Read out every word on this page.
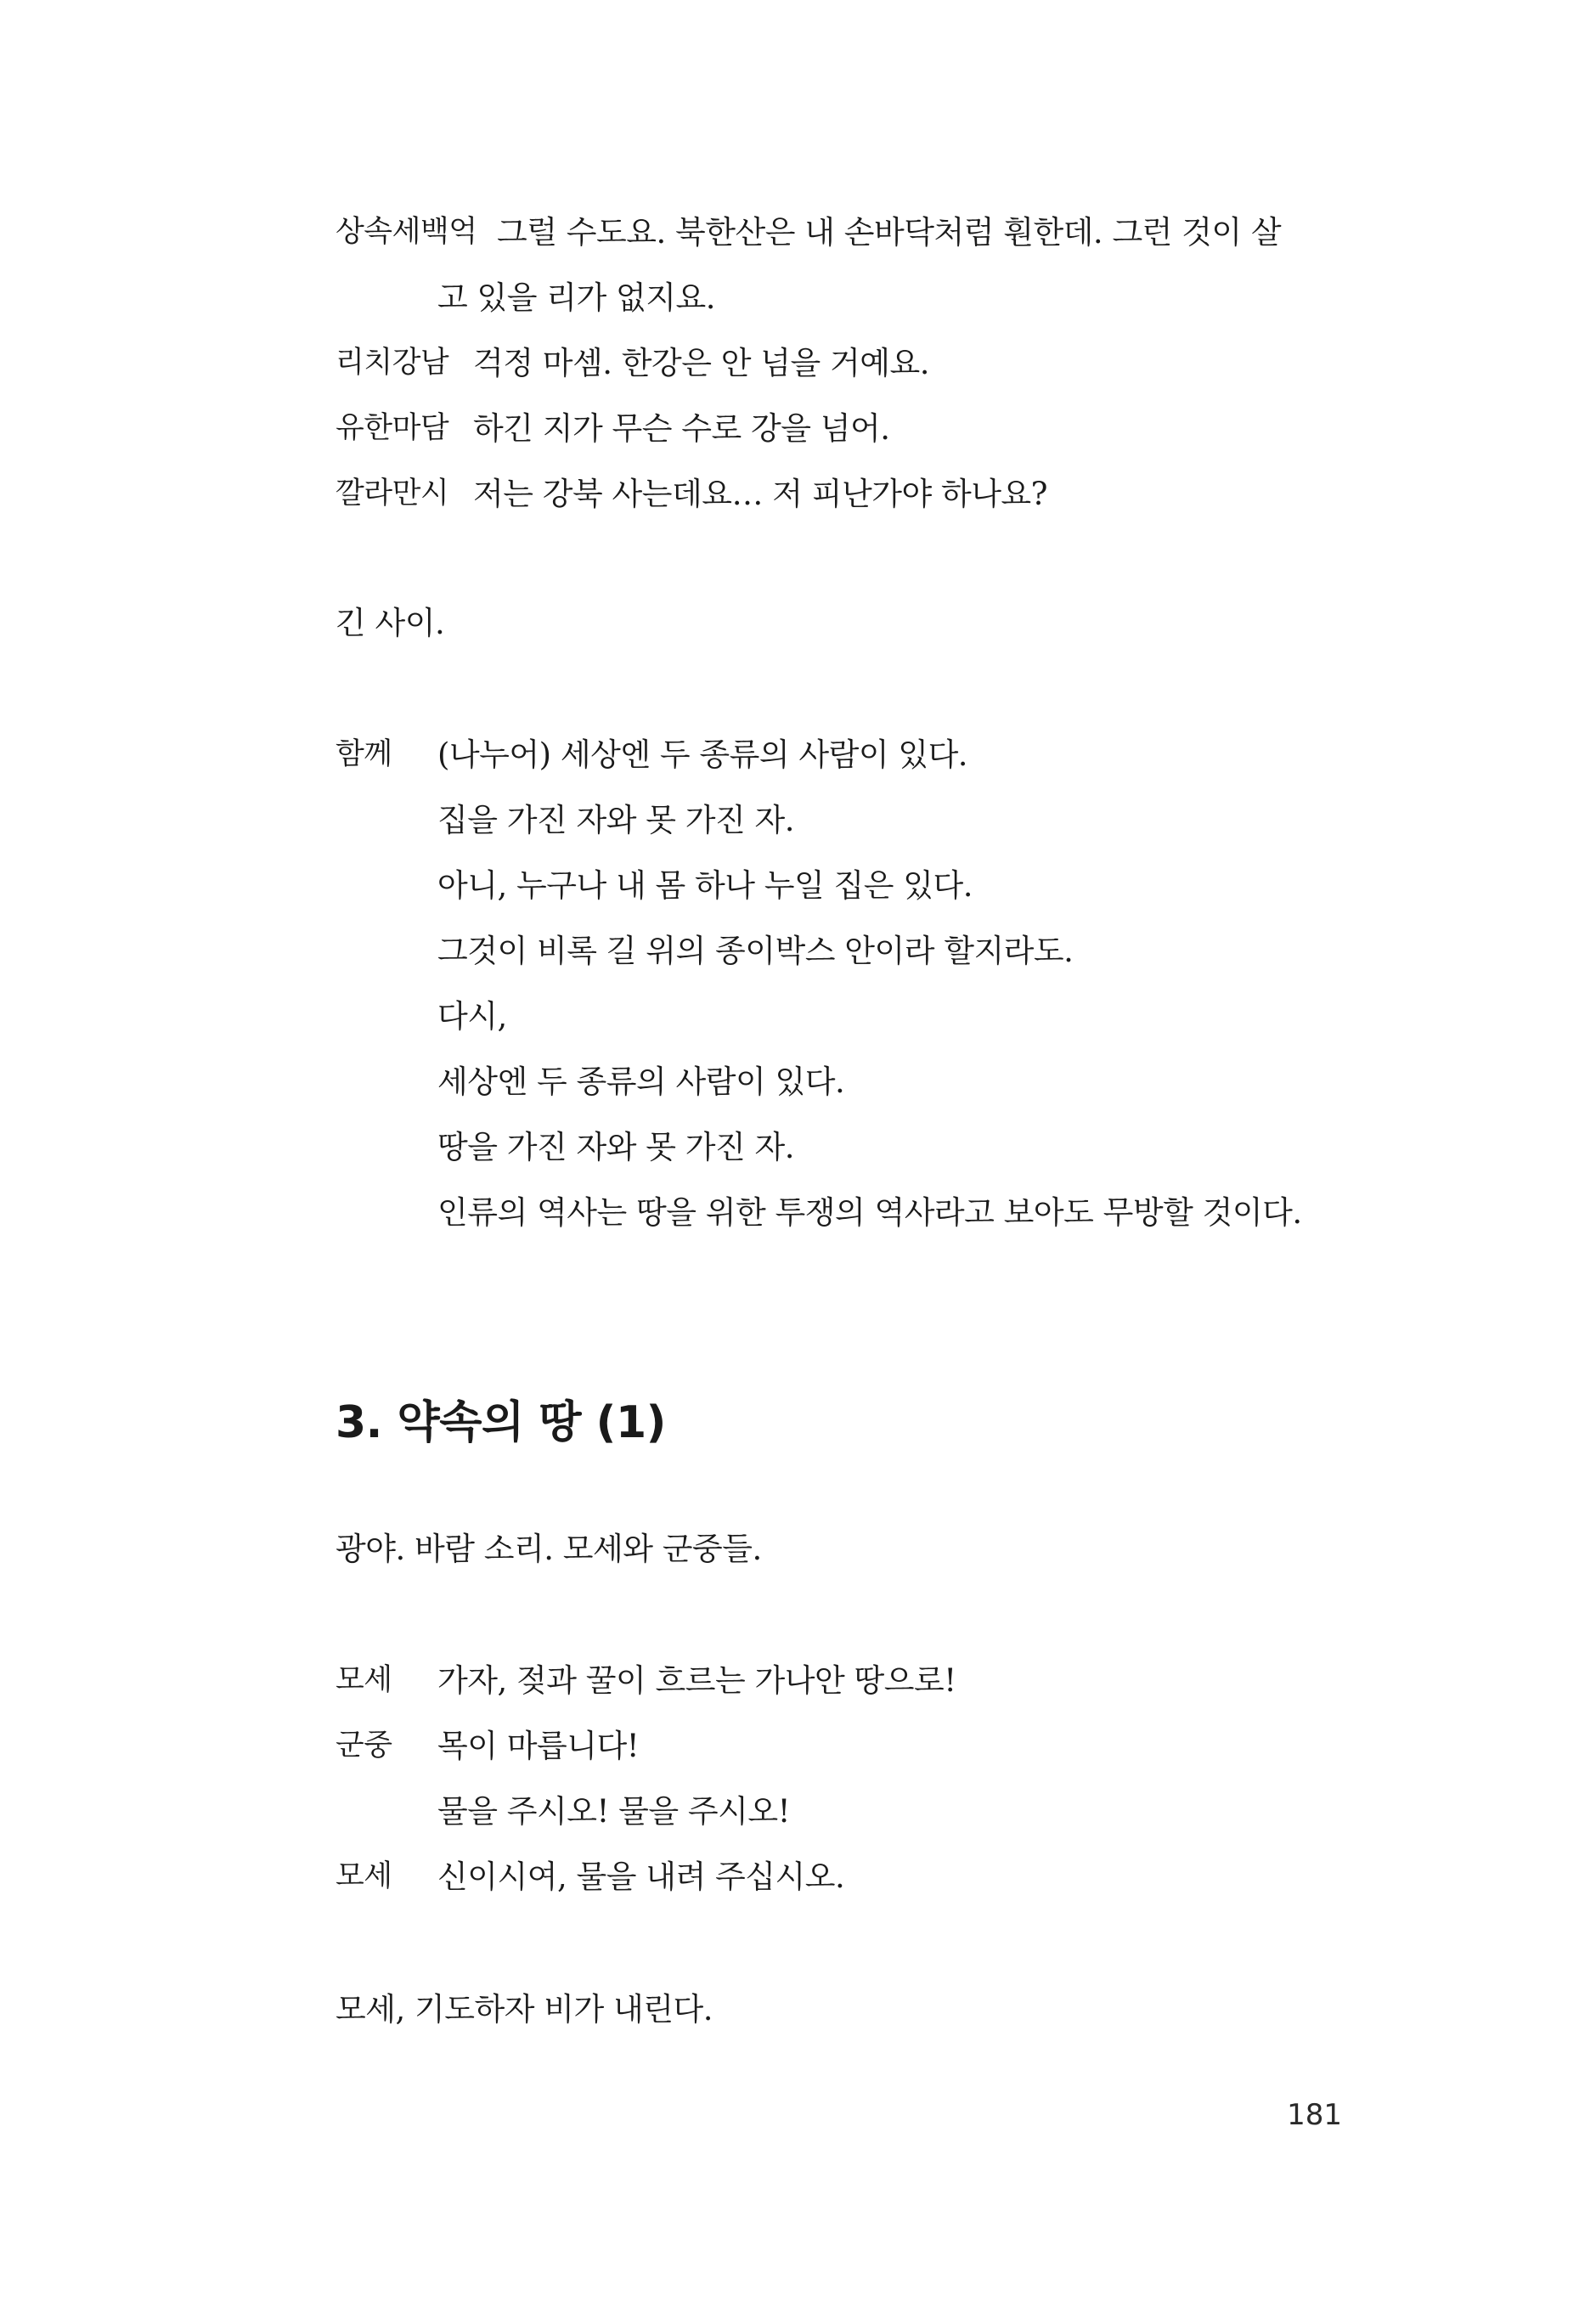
상속세백억 그럴 수도요. 북한산은 내 손바닥처럼 훤한데. 그런 것이 살
고 있을 리가 없지요.
리치강남 걱정 마셈. 한강은 안 넘을 거예요.
유한마담 하긴 지가 무슨 수로 강을 넘어.
깔라만시 저는 강북 사는데요… 저 피난가야 하나요?
긴 사이.
함께 (나누어) 세상엔 두 종류의 사람이 있다.
집을 가진 자와 못 가진 자.
아니, 누구나 내 몸 하나 누일 집은 있다.
그것이 비록 길 위의 종이박스 안이라 할지라도.
다시,
세상엔 두 종류의 사람이 있다.
땅을 가진 자와 못 가진 자.
인류의 역사는 땅을 위한 투쟁의 역사라고 보아도 무방할 것이다.
3. 약속의 땅 (1)
광야. 바람 소리. 모세와 군중들.
모세 가자, 젖과 꿀이 흐르는 가나안 땅으로!
군중 목이 마릅니다!
물을 주시오! 물을 주시오!
모세 신이시여, 물을 내려 주십시오.
모세, 기도하자 비가 내린다.
181
